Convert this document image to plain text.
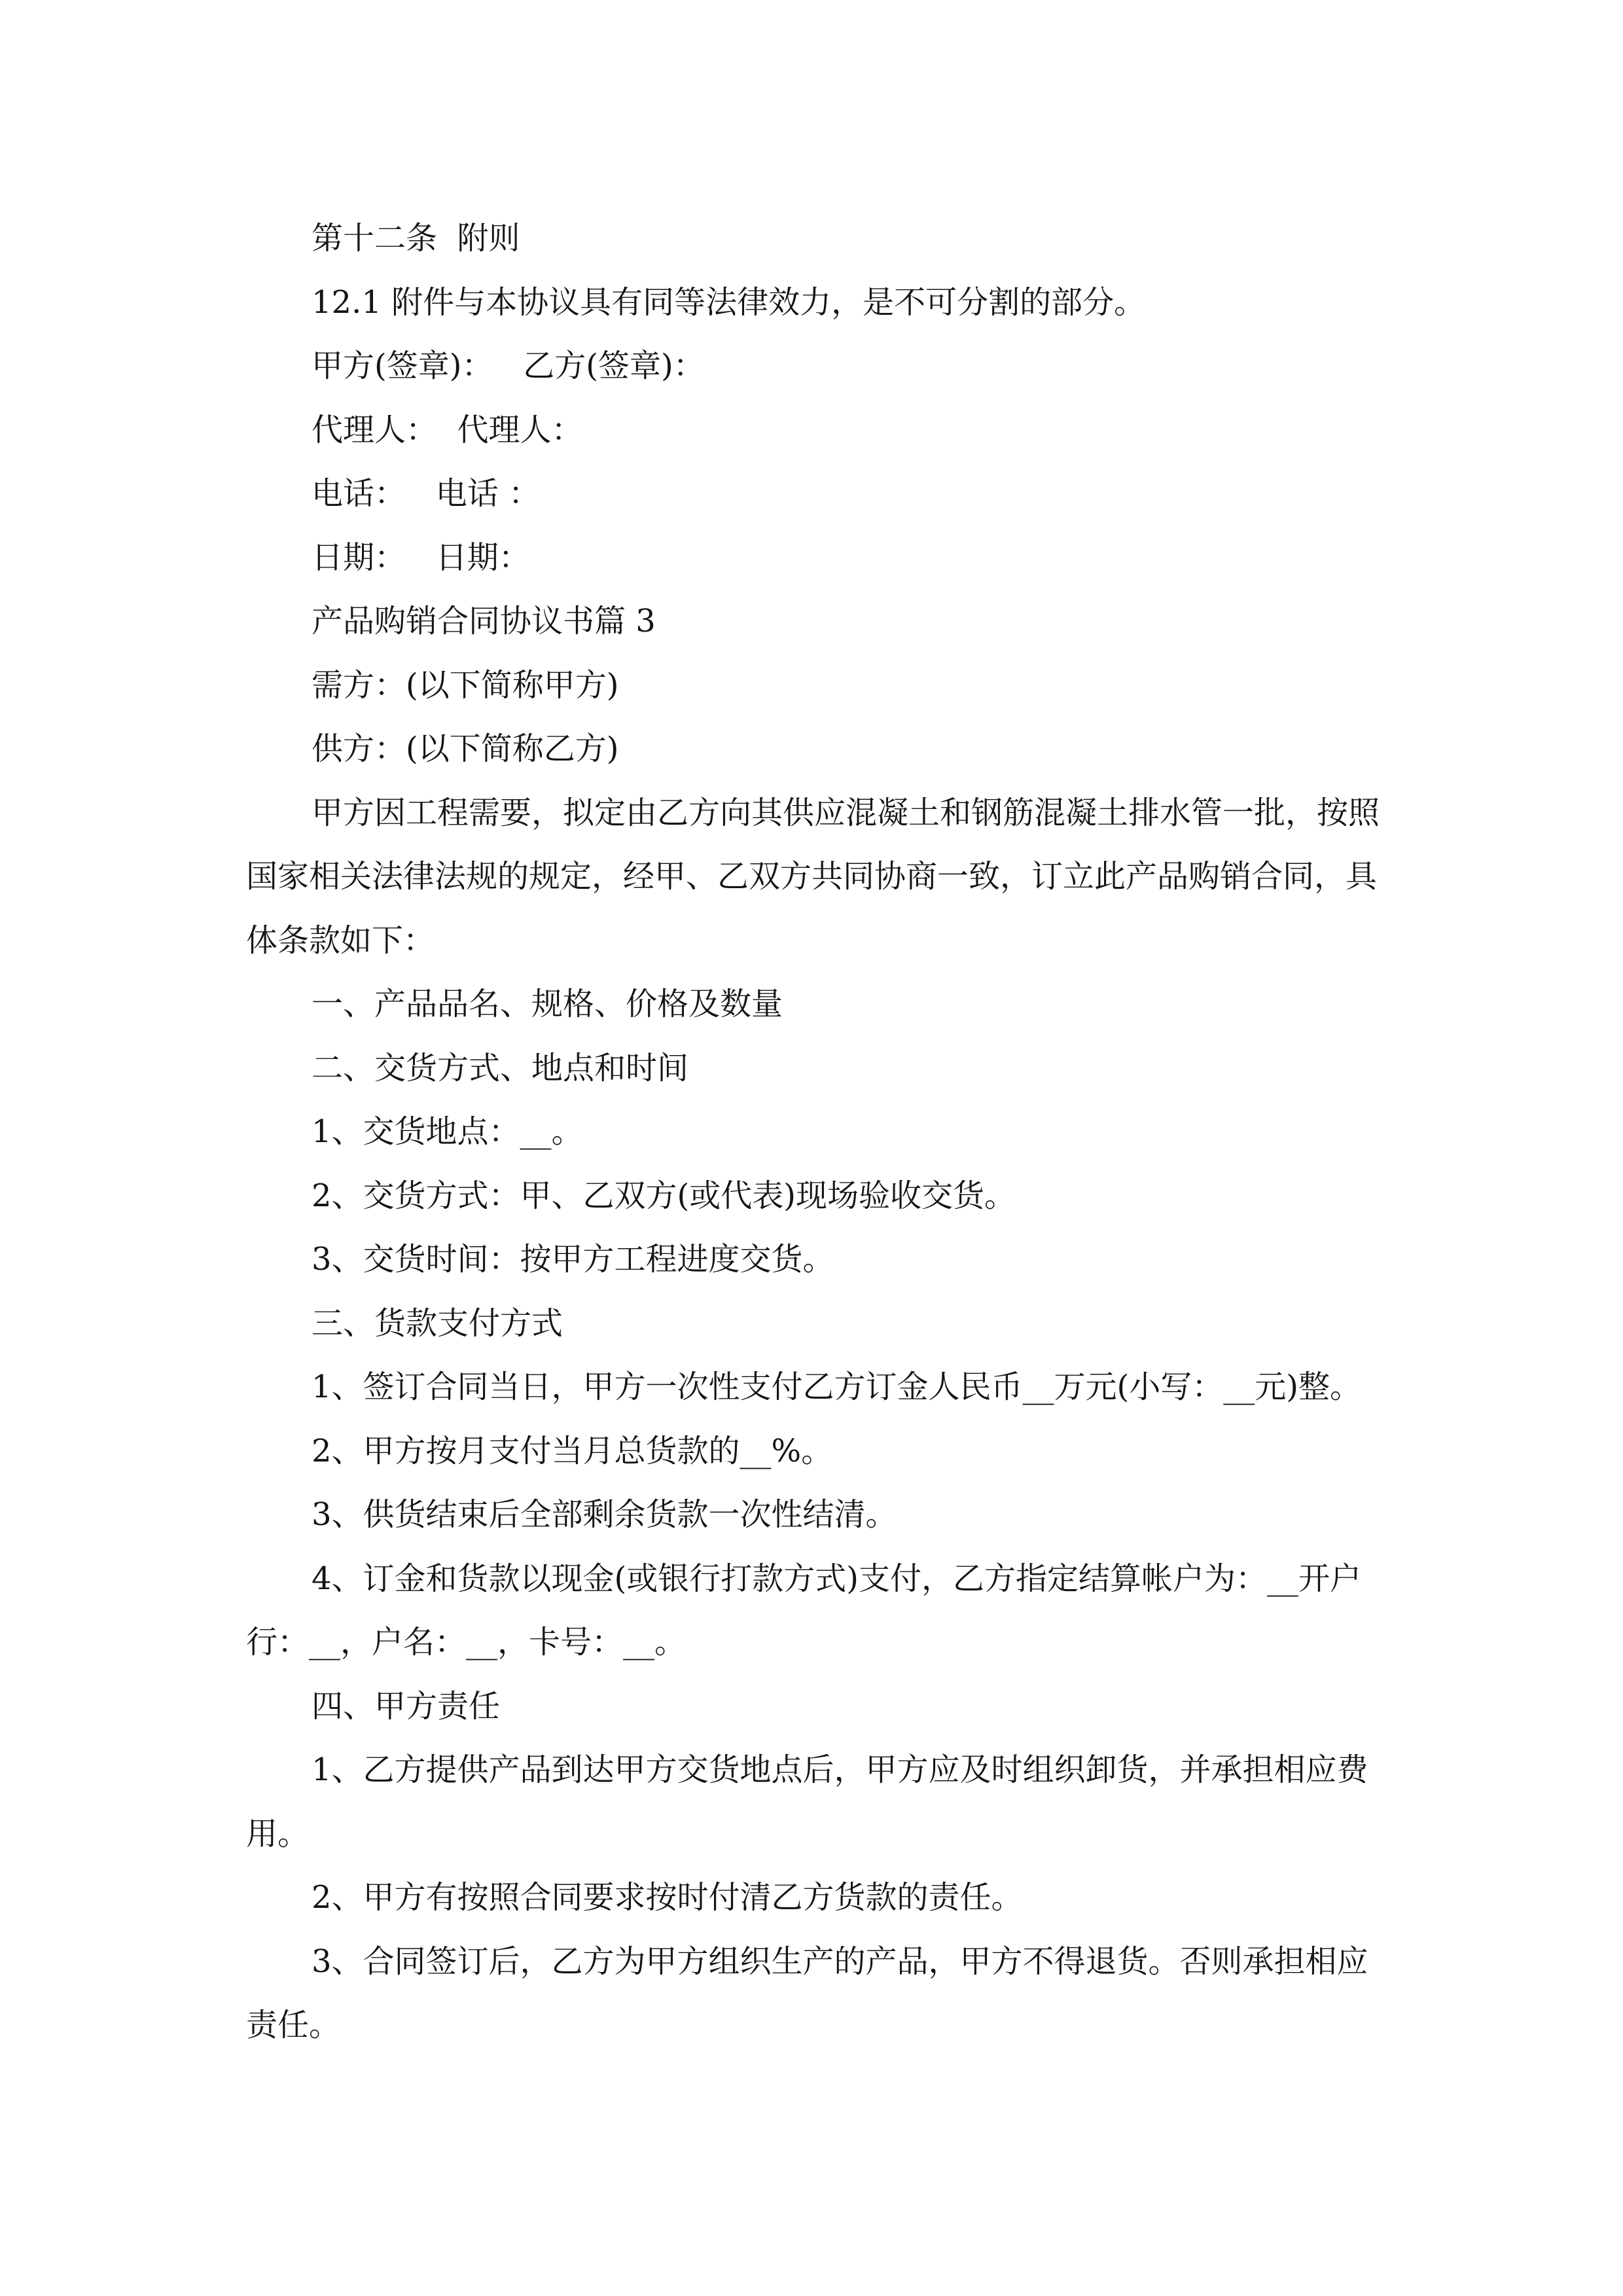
第十二条  附则

12.1 附件与本协议具有同等法律效力，是不可分割的部分。

甲方(签章)：   乙方(签章)：

代理人：  代理人：

电话：   电话 ：

日期：   日期：

产品购销合同协议书篇 3

需方：(以下简称甲方)

供方：(以下简称乙方)

甲方因工程需要，拟定由乙方向其供应混凝土和钢筋混凝土排水管一批，按照国家相关法律法规的规定，经甲、乙双方共同协商一致，订立此产品购销合同，具体条款如下：

一、产品品名、规格、价格及数量

二、交货方式、地点和时间

1、交货地点：__。

2、交货方式：甲、乙双方(或代表)现场验收交货。

3、交货时间：按甲方工程进度交货。

三、货款支付方式

1、签订合同当日，甲方一次性支付乙方订金人民币__万元(小写：__元)整。

2、甲方按月支付当月总货款的__%。

3、供货结束后全部剩余货款一次性结清。

4、订金和货款以现金(或银行打款方式)支付，乙方指定结算帐户为：__开户行：__，户名：__，卡号：__。

四、甲方责任

1、乙方提供产品到达甲方交货地点后，甲方应及时组织卸货，并承担相应费用。

2、甲方有按照合同要求按时付清乙方货款的责任。

3、合同签订后，乙方为甲方组织生产的产品，甲方不得退货。否则承担相应责任。
